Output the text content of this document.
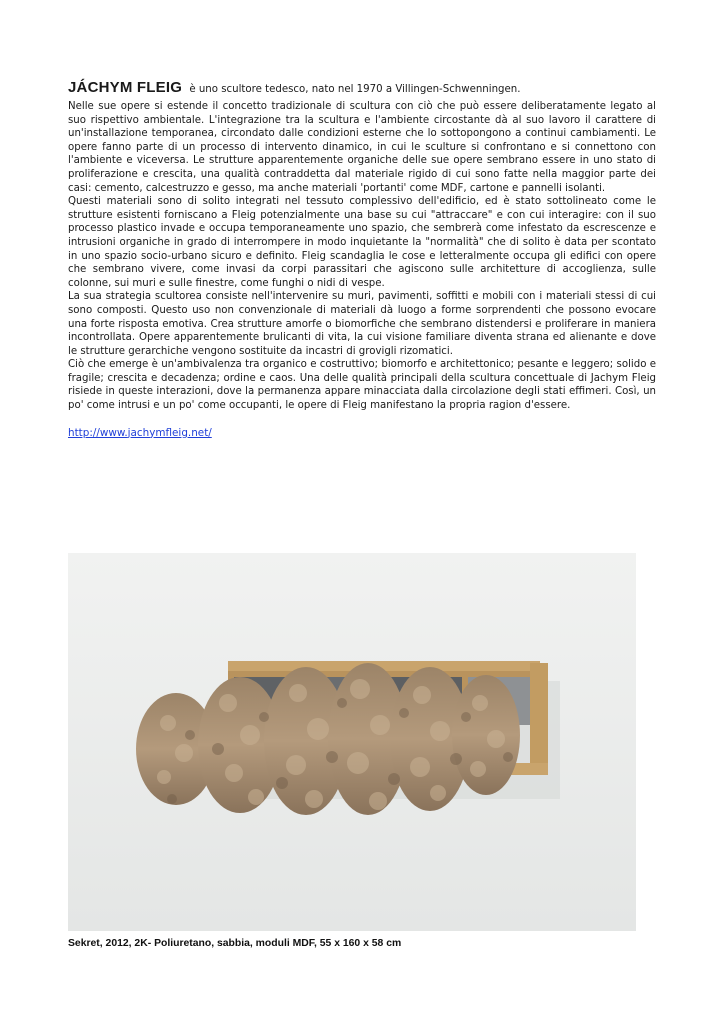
JÁCHYM FLEIG è uno scultore tedesco, nato nel 1970 a Villingen-Schwenningen.

Nelle sue opere si estende il concetto tradizionale di scultura con ciò che può essere deliberatamente legato al suo rispettivo ambientale. L'integrazione tra la scultura e l'ambiente circostante dà al suo lavoro il carattere di un'installazione temporanea, circondato dalle condizioni esterne che lo sottopongono a continui cambiamenti. Le opere fanno parte di un processo di intervento dinamico, in cui le sculture si confrontano e si connettono con l'ambiente e viceversa. Le strutture apparentemente organiche delle sue opere sembrano essere in uno stato di proliferazione e crescita, una qualità contraddetta dal materiale rigido di cui sono fatte nella maggior parte dei casi: cemento, calcestruzzo e gesso, ma anche materiali 'portanti' come MDF, cartone e pannelli isolanti.

Questi materiali sono di solito integrati nel tessuto complessivo dell'edificio, ed è stato sottolineato come le strutture esistenti forniscano a Fleig potenzialmente una base su cui "attraccare" e con cui interagire: con il suo processo plastico invade e occupa temporaneamente uno spazio, che sembrerà come infestato da escrescenze e intrusioni organiche in grado di interrompere in modo inquietante la "normalità" che di solito è data per scontato in uno spazio socio-urbano sicuro e definito. Fleig scandaglia le cose e letteralmente occupa gli edifici con opere che sembrano vivere, come invasi da corpi parassitari che agiscono sulle architetture di accoglienza, sulle colonne, sui muri e sulle finestre, come funghi o nidi di vespe.

La sua strategia scultorea consiste nell'intervenire su muri, pavimenti, soffitti e mobili con i materiali stessi di cui sono composti. Questo uso non convenzionale di materiali dà luogo a forme sorprendenti che possono evocare una forte risposta emotiva. Crea strutture amorfe o biomorfiche che sembrano distendersi e proliferare in maniera incontrollata. Opere apparentemente brulicanti di vita, la cui visione familiare diventa strana ed alienante e dove le strutture gerarchiche vengono sostituite da incastri di grovigli rizomatici.

Ciò che emerge è un'ambivalenza tra organico e costruttivo; biomorfo e architettonico; pesante e leggero; solido e fragile; crescita e decadenza; ordine e caos. Una delle qualità principali della scultura concettuale di Jachym Fleig risiede in queste interazioni, dove la permanenza appare minacciata dalla circolazione degli stati effimeri. Così, un po' come intrusi e un po' come occupanti, le opere di Fleig manifestano la propria ragion d'essere.

http://www.jachymfleig.net/
Sekret, 2012, 2K- Poliuretano, sabbia, moduli MDF, 55 x 160 x 58 cm
